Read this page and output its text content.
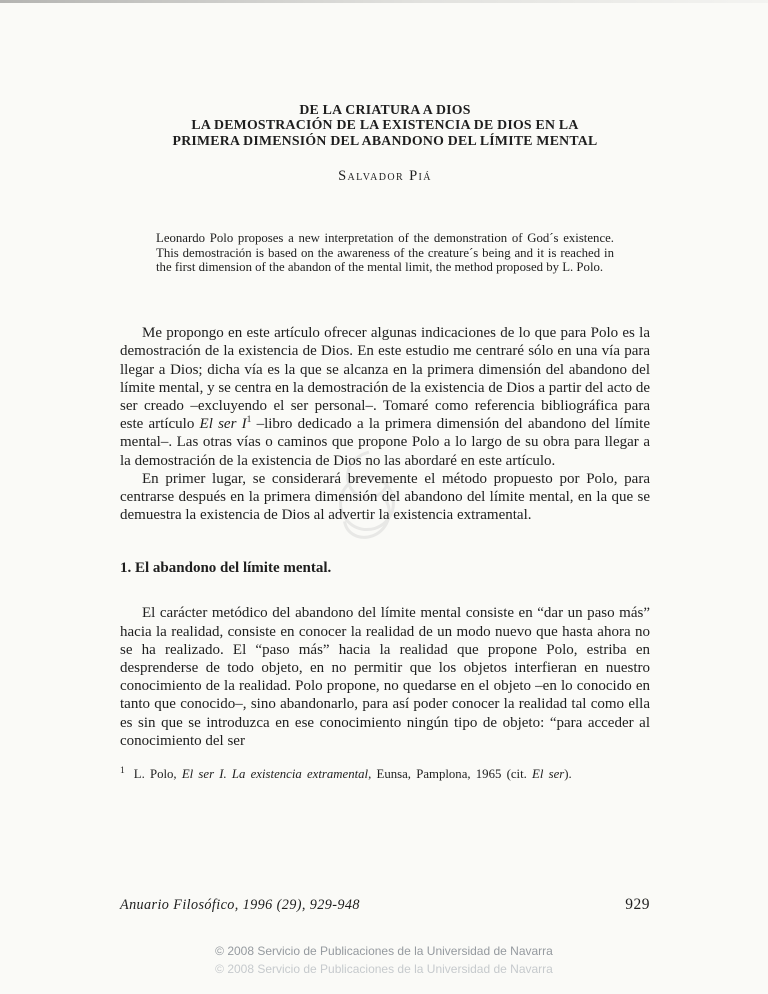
DE LA CRIATURA A DIOS
LA DEMOSTRACIÓN DE LA EXISTENCIA DE DIOS EN LA
PRIMERA DIMENSIÓN DEL ABANDONO DEL LÍMITE MENTAL
Salvador Piá

Leonardo Polo proposes a new interpretation of the demonstration of God´s existence. This demostración is based on the awareness of the creature´s being and it is reached in the first dimension of the abandon of the mental limit, the method proposed by L. Polo.

Me propongo en este artículo ofrecer algunas indicaciones de lo que para Polo es la demostración de la existencia de Dios. En este estudio me centraré sólo en una vía para llegar a Dios; dicha vía es la que se alcanza en la primera dimensión del abandono del límite mental, y se centra en la demostración de la existencia de Dios a partir del acto de ser creado –excluyendo el ser personal–. Tomaré como referencia bibliográfica para este artículo El ser $I^1$ –libro dedicado a la primera dimensión del abandono del límite mental–. Las otras vías o caminos que propone Polo a lo largo de su obra para llegar a la demostración de la existencia de Dios no las abordaré en este artículo.

En primer lugar, se considerará brevemente el método propuesto por Polo, para centrarse después en la primera dimensión del abandono del límite mental, en la que se demuestra la existencia de Dios al advertir la existencia extramental.

1. El abandono del límite mental.

El carácter metódico del abandono del límite mental consiste en “dar un paso más” hacia la realidad, consiste en conocer la realidad de un modo nuevo que hasta ahora no se ha realizado. El “paso más” hacia la realidad que propone Polo, estriba en desprenderse de todo objeto, en no permitir que los objetos interfieran en nuestro conocimiento de la realidad. Polo propone, no quedarse en el objeto –en lo conocido en tanto que conocido–, sino abandonarlo, para así poder conocer la realidad tal como ella es sin que se introduzca en ese conocimiento ningún tipo de objeto: “para acceder al conocimiento del ser

$^1$ L. Polo, El ser I. La existencia extramental, Eunsa, Pamplona, 1965 (cit. El ser).
Anuario Filosófico, 1996 (29), 929-948	929
© 2008 Servicio de Publicaciones de la Universidad de Navarra
© 2008 Servicio de Publicaciones de la Universidad de Navarra
